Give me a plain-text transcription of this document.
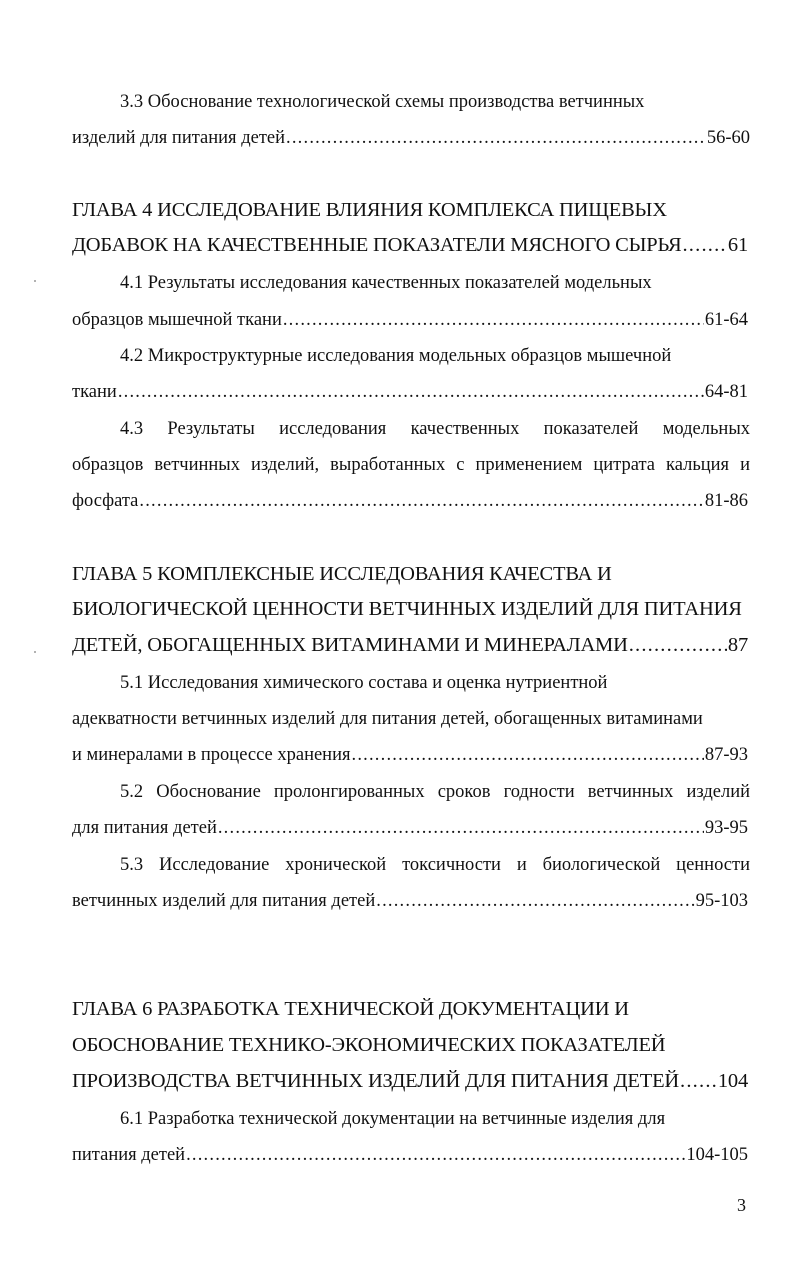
3.3 Обоснование технологической схемы производства ветчинных
изделий для питания детей .....	56-60
ГЛАВА 4 ИССЛЕДОВАНИЕ ВЛИЯНИЯ КОМПЛЕКСА ПИЩЕВЫХ
ДОБАВОК НА КАЧЕСТВЕННЫЕ ПОКАЗАТЕЛИ МЯСНОГО СЫРЬЯ ..... 61
4.1 Результаты исследования качественных показателей модельных
образцов мышечной ткани .....	61-64
4.2 Микроструктурные исследования модельных образцов мышечной
ткани .....	64-81
4.3 Результаты исследования качественных показателей модельных
образцов ветчинных изделий, выработанных с применением цитрата кальция и
фосфата .....	81-86
ГЛАВА 5 КОМПЛЕКСНЫЕ ИССЛЕДОВАНИЯ КАЧЕСТВА И
БИОЛОГИЧЕСКОЙ ЦЕННОСТИ ВЕТЧИННЫХ ИЗДЕЛИЙ ДЛЯ ПИТАНИЯ
ДЕТЕЙ, ОБОГАЩЕННЫХ ВИТАМИНАМИ И МИНЕРАЛАМИ .....	87
5.1 Исследования химического состава и оценка нутриентной
адекватности ветчинных изделий для питания детей, обогащенных витаминами
и минералами в процессе хранения .....	87-93
5.2 Обоснование пролонгированных сроков годности ветчинных изделий
для питания детей .....	93-95
5.3 Исследование хронической токсичности и биологической ценности
ветчинных изделий для питания детей .....	95-103
ГЛАВА 6 РАЗРАБОТКА ТЕХНИЧЕСКОЙ ДОКУМЕНТАЦИИ И
ОБОСНОВАНИЕ ТЕХНИКО-ЭКОНОМИЧЕСКИХ ПОКАЗАТЕЛЕЙ
ПРОИЗВОДСТВА ВЕТЧИННЫХ ИЗДЕЛИЙ ДЛЯ ПИТАНИЯ ДЕТЕЙ ..... 104
6.1 Разработка технической документации на ветчинные изделия для
питания детей .....	104-105
3
